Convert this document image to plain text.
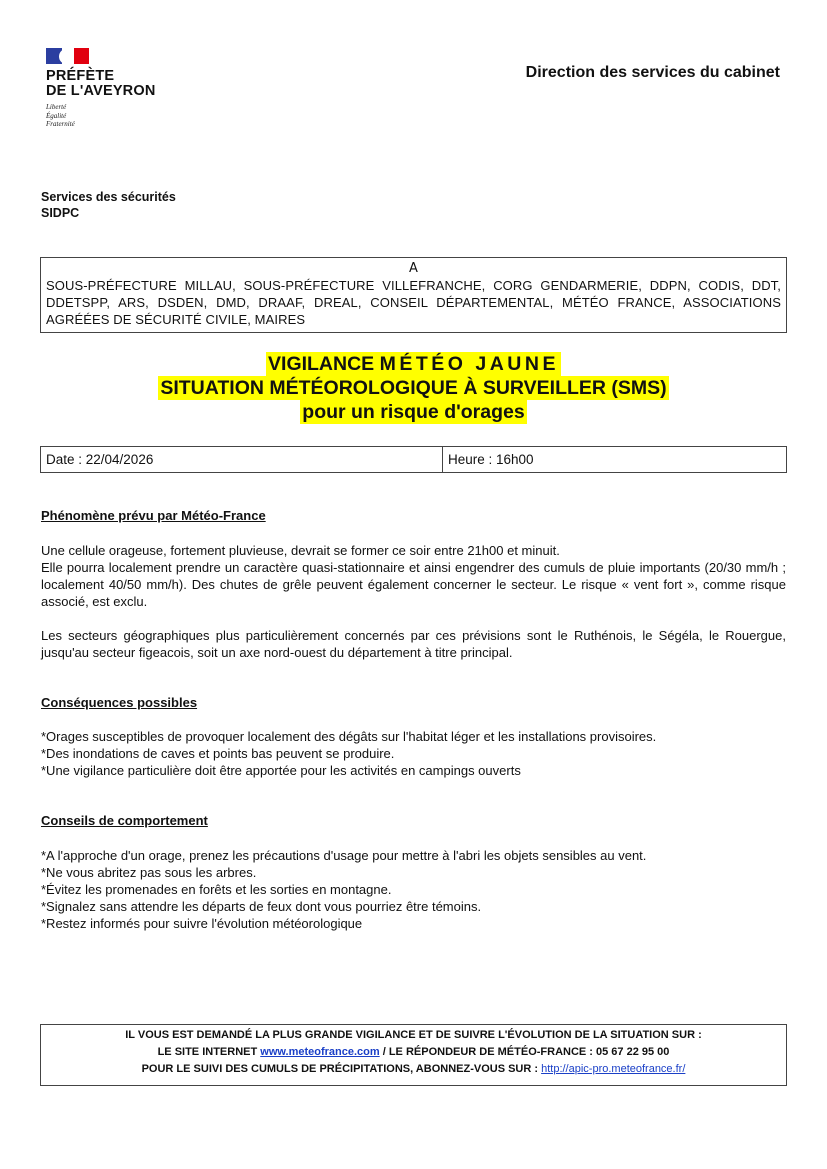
PRÉFÈTE
DE L'AVEYRON
Liberté
Égalité
Fraternité
Direction des services du cabinet
Services des sécurités
SIDPC
A
SOUS-PRÉFECTURE MILLAU, SOUS-PRÉFECTURE VILLEFRANCHE, CORG GENDARMERIE, DDPN, CODIS, DDT, DDETSPP, ARS, DSDEN, DMD, DRAAF, DREAL, CONSEIL DÉPARTEMENTAL, MÉTÉO FRANCE, ASSOCIATIONS AGRÉÉES DE SÉCURITÉ CIVILE, MAIRES
VIGILANCE MÉTÉO JAUNE
SITUATION MÉTÉOROLOGIQUE À SURVEILLER (SMS)
pour un risque d'orages
Date : 22/04/2026	Heure : 16h00
Phénomène prévu par Météo-France
Une cellule orageuse, fortement pluvieuse, devrait se former ce soir entre 21h00 et minuit.
Elle pourra localement prendre un caractère quasi-stationnaire et ainsi engendrer des cumuls de pluie importants (20/30 mm/h ; localement 40/50 mm/h). Des chutes de grêle peuvent également concerner le secteur. Le risque « vent fort », comme risque associé, est exclu.
Les secteurs géographiques plus particulièrement concernés par ces prévisions sont le Ruthénois, le Ségéla, le Rouergue, jusqu'au secteur figeacois, soit un axe nord-ouest du département à titre principal.
Conséquences possibles
*Orages susceptibles de provoquer localement des dégâts sur l'habitat léger et les installations provisoires.
*Des inondations de caves et points bas peuvent se produire.
*Une vigilance particulière doit être apportée pour les activités en campings ouverts
Conseils de comportement
*A l'approche d'un orage, prenez les précautions d'usage pour mettre à l'abri les objets sensibles au vent.
*Ne vous abritez pas sous les arbres.
*Évitez les promenades en forêts et les sorties en montagne.
*Signalez sans attendre les départs de feux dont vous pourriez être témoins.
*Restez informés pour suivre l'évolution météorologique
IL VOUS EST DEMANDÉ LA PLUS GRANDE VIGILANCE ET DE SUIVRE L'ÉVOLUTION DE LA SITUATION SUR :
LE SITE INTERNET www.meteofrance.com / LE RÉPONDEUR DE MÉTÉO-FRANCE : 05 67 22 95 00
POUR LE SUIVI DES CUMULS DE PRÉCIPITATIONS, ABONNEZ-VOUS SUR : http://apic-pro.meteofrance.fr/
